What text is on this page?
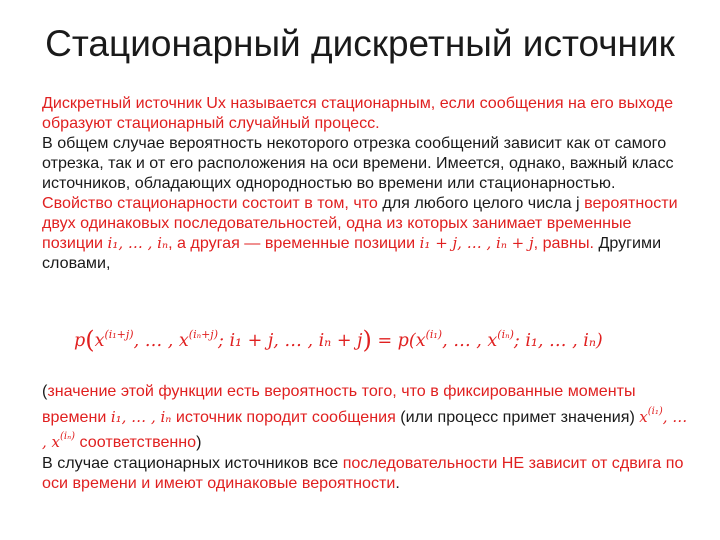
Стационарный дискретный источник

Дискретный источник Ux называется стационарным, если сообщения на его выходе образуют стационарный случайный процесс.

В общем случае вероятность некоторого отрезка сообщений зависит как от самого отрезка, так и от его расположения на оси времени. Имеется, однако, важный класс источников, обладающих однородностью во времени или стационарностью.

Свойство стационарности состоит в том, что для любого целого числа j вероятности двух одинаковых последовательностей, одна из которых занимает временные позиции i₁, … , iₙ, а другая — временные позиции i₁ + j, … , iₙ + j, равны. Другими словами,

$p(x^{(i_1+j)}$, … , $x^{(i_n+j)}$; i₁ + j, … , $i_n + j) = p(x^{(i_1)}$, … , $x^{(i_n)}$; i₁, … , iₙ)

(значение этой функции есть вероятность того, что в фиксированные моменты времени i₁, … , iₙ источник породит сообщения (или процесс примет значения) $x^{(i_1)}$, … , $x^{(i_n)}$ соответственно)

В случае стационарных источников все последовательности НЕ зависит от сдвига по оси времени и имеют одинаковые вероятности.
